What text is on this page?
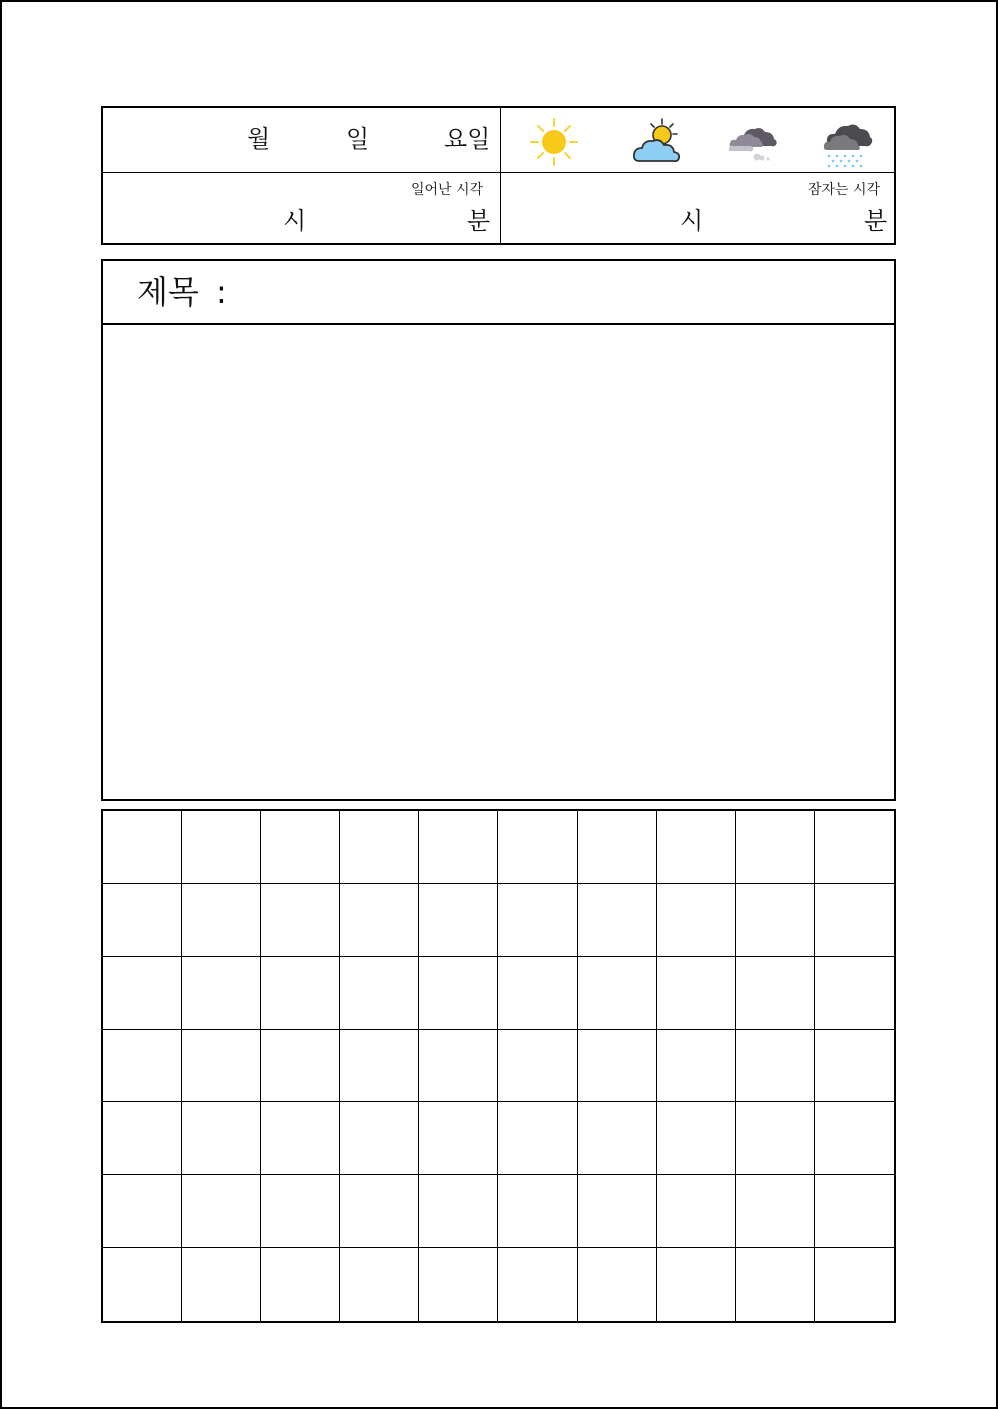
월	일	요일
일어난 시각
시	분
잠자는 시각
시	분
제목 :
